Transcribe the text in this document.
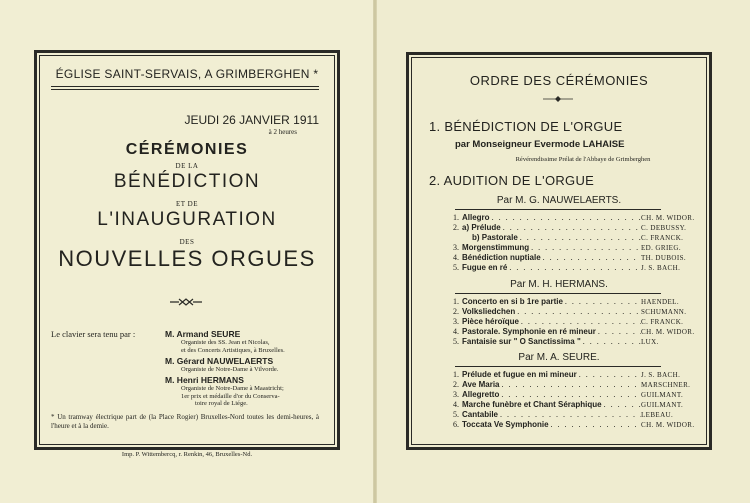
ÉGLISE SAINT-SERVAIS, A GRIMBERGHEN *
JEUDI 26 JANVIER 1911
à 2 heures
CÉRÉMONIES
DE LA
BÉNÉDICTION
ET DE
L'INAUGURATION
DES
NOUVELLES ORGUES
Le clavier sera tenu par :	M. Armand SEURE
Organiste des SS. Jean et Nicolas,
et des Concerts Artistiques, à Bruxelles.
M. Gérard NAUWELAERTS
Organiste de Notre-Dame à Vilvorde.
M. Henri HERMANS
Organiste de Notre-Dame à Maastricht;
1er prix et médaille d'or du Conserva-
toire royal de Liége.
* Un tramway électrique part de (la Place Rogier) Bruxelles-Nord toutes les demi-heures, à l'heure et à la demie.
Imp. P. Wittembercq, r. Renkin, 46, Bruxelles-Nd.
ORDRE DES CÉRÉMONIES
1. BÉNÉDICTION DE L'ORGUE
par Monseigneur Evermode LAHAISE
Révérendissime Prélat de l'Abbaye de Grimberghen
2. AUDITION DE L'ORGUE
Par M. G. NAUWELAERTS.
1. Allegro . . .	CH. M. WIDOR.
2. a) Prélude . . .	C. DEBUSSY.
b) Pastorale . . .	C. FRANCK.
3. Morgenstimmung . . .	ED. GRIEG.
4. Bénédiction nuptiale . . .	TH. DUBOIS.
5. Fugue en ré . . .	J. S. BACH.
Par M. H. HERMANS.
1. Concerto en si b 1re partie . . .	HAENDEL.
2. Volksliedchen . . .	SCHUMANN.
3. Pièce héroïque . . .	C. FRANCK.
4. Pastorale. Symphonie en ré mineur . . .	CH. M. WIDOR.
5. Fantaisie sur " O Sanctissima " . . .	LUX.
Par M. A. SEURE.
1. Prélude et fugue en mi mineur . . .	J. S. BACH.
2. Ave Maria . . .	MARSCHNER.
3. Allegretto . . .	GUILMANT.
4. Marche funèbre et Chant Séraphique . . .	GUILMANT.
5. Cantabile . . .	LEBEAU.
6. Toccata Ve Symphonie . . .	CH. M. WIDOR.
